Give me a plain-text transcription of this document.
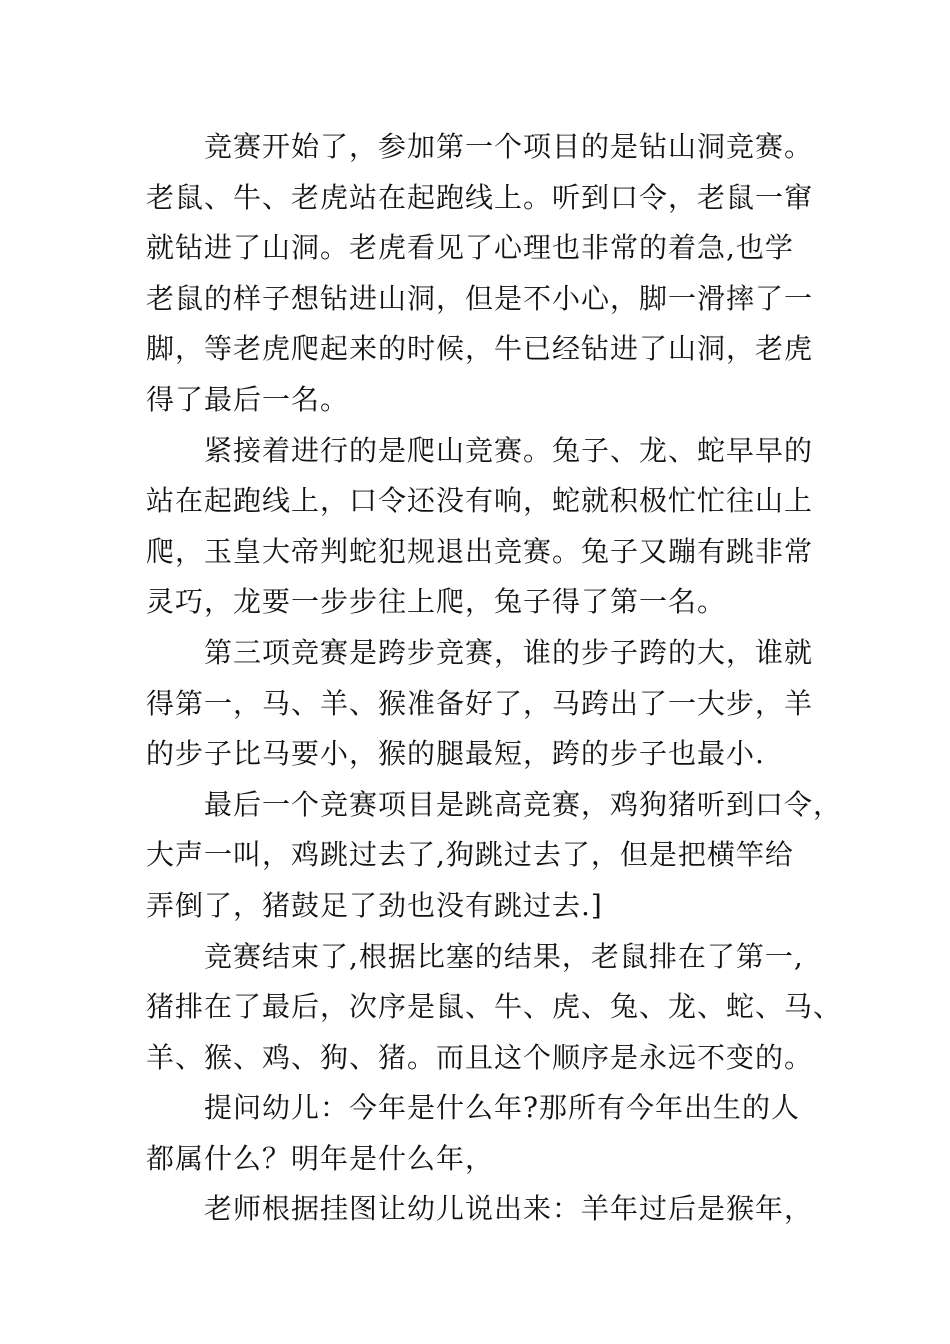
竞赛开始了，参加第一个项目的是钻山洞竞赛。
老鼠、牛、老虎站在起跑线上。听到口令，老鼠一窜
就钻进了山洞。老虎看见了心理也非常的着急,也学
老鼠的样子想钻进山洞，但是不小心，脚一滑摔了一
脚，等老虎爬起来的时候，牛已经钻进了山洞，老虎
得了最后一名。

紧接着进行的是爬山竞赛。兔子、龙、蛇早早的
站在起跑线上，口令还没有响，蛇就积极忙忙往山上
爬，玉皇大帝判蛇犯规退出竞赛。兔子又蹦有跳非常
灵巧，龙要一步步往上爬，兔子得了第一名。

第三项竞赛是跨步竞赛，谁的步子跨的大，谁就
得第一，马、羊、猴准备好了，马跨出了一大步，羊
的步子比马要小，猴的腿最短，跨的步子也最小.

最后一个竞赛项目是跳高竞赛，鸡狗猪听到口令，
大声一叫，鸡跳过去了,狗跳过去了，但是把横竿给
弄倒了，猪鼓足了劲也没有跳过去.]

竞赛结束了,根据比塞的结果，老鼠排在了第一,
猪排在了最后，次序是鼠、牛、虎、兔、龙、蛇、马、
羊、猴、鸡、狗、猪。而且这个顺序是永远不变的。

提问幼儿：今年是什么年?那所有今年出生的人
都属什么？明年是什么年，

老师根据挂图让幼儿说出来：羊年过后是猴年，
